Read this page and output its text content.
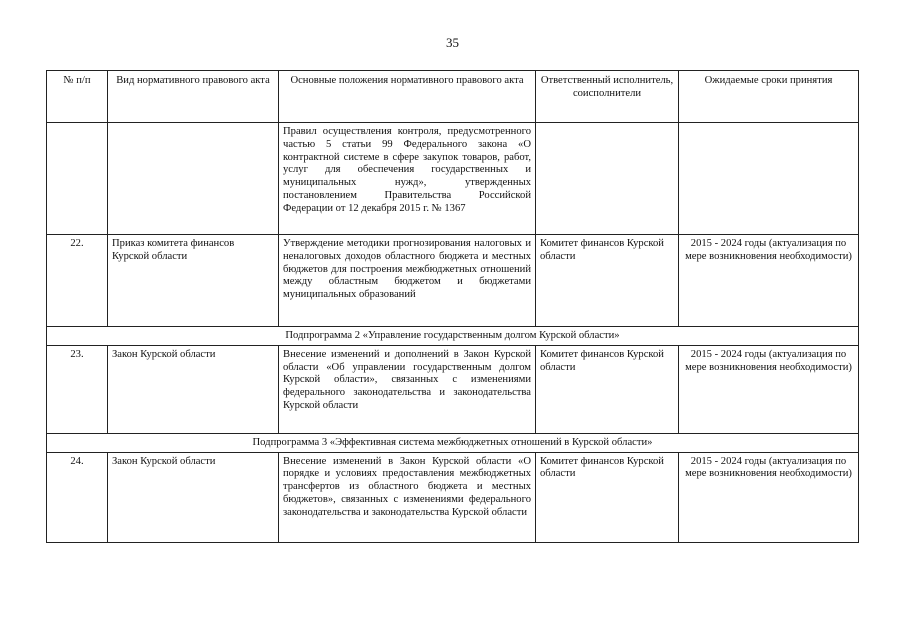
35
№ п/п	Вид нормативного правового акта	Основные положения нормативного правового акта	Ответственный исполнитель, соисполнители	Ожидаемые сроки принятия
		Правил осуществления контроля, предусмотренного частью 5 статьи 99 Федерального закона «О контрактной системе в сфере закупок товаров, работ, услуг для обеспечения государственных и муниципальных нужд», утвержденных постановлением Правительства Российской Федерации от 12 декабря 2015 г. № 1367		
22.	Приказ комитета финансов Курской области	Утверждение методики прогнозирования налоговых и неналоговых доходов областного бюджета и местных бюджетов для построения межбюджетных отношений между областным бюджетом и бюджетами муниципальных образований	Комитет финансов Курской области	2015 - 2024 годы (актуализация по мере возникновения необходимости)
Подпрограмма 2 «Управление государственным долгом Курской области»				
23.	Закон Курской области	Внесение изменений и дополнений в Закон Курской области «Об управлении государственным долгом Курской области», связанных с изменениями федерального законодательства и законодательства Курской области	Комитет финансов Курской области	2015 - 2024 годы (актуализация по мере возникновения необходимости)
Подпрограмма 3 «Эффективная система межбюджетных отношений в Курской области»				
24.	Закон Курской области	Внесение изменений в Закон Курской области «О порядке и условиях предоставления межбюджетных трансфертов из областного бюджета и местных бюджетов», связанных с изменениями федерального законодательства и законодательства Курской области	Комитет финансов Курской области	2015 - 2024 годы (актуализация по мере возникновения необходимости)
